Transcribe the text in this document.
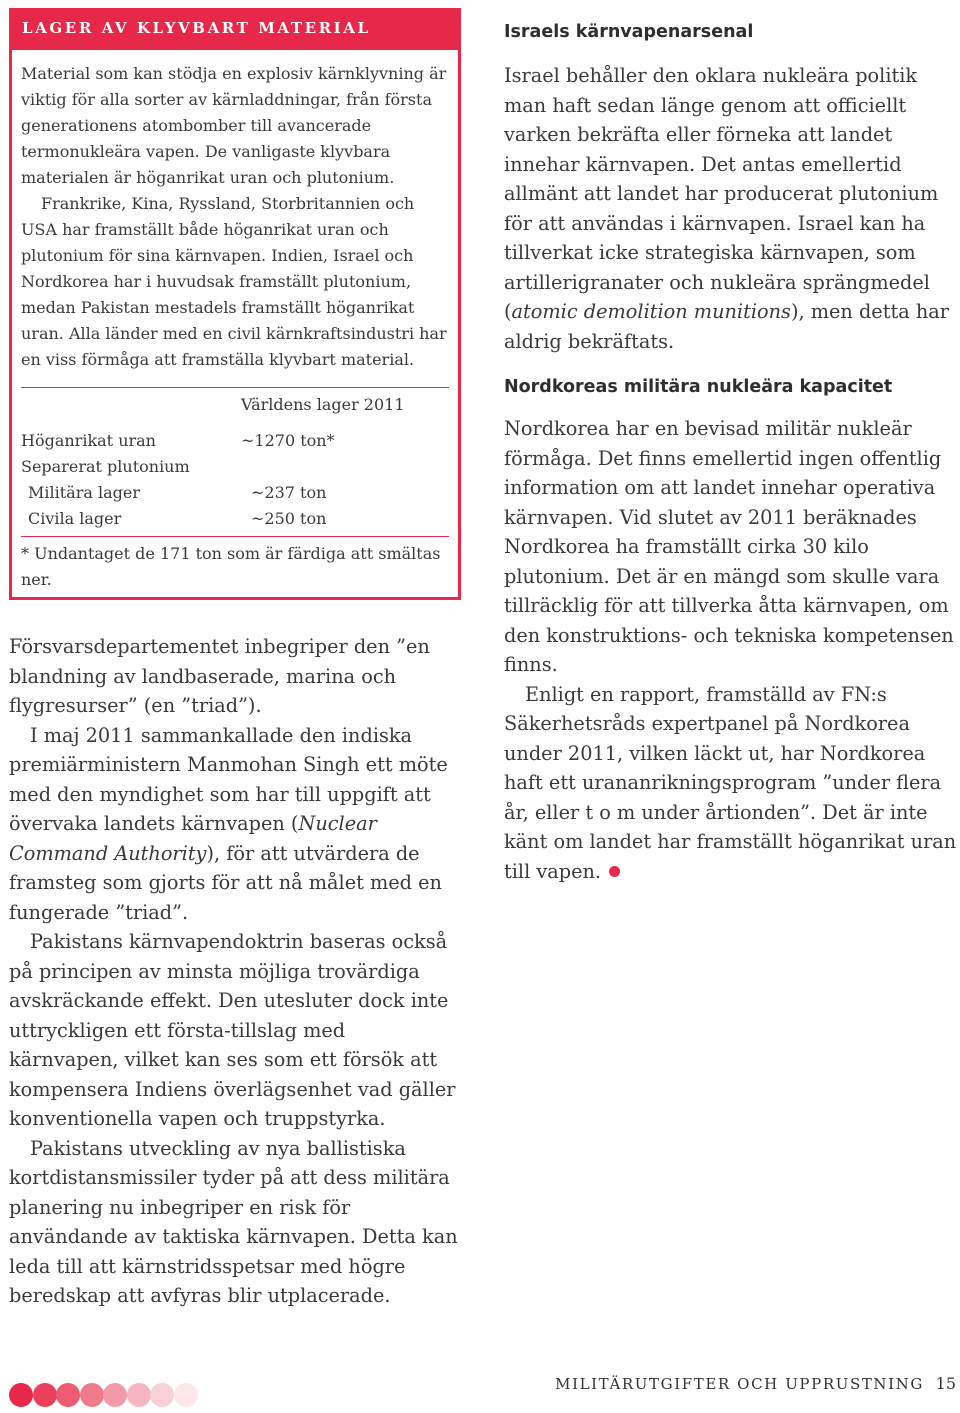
LAGER AV KLYVBART MATERIAL

Material som kan stödja en explosiv kärnklyvning är viktig för alla sorter av kärnladdningar, från första generationens atombomber till avancerade termonukleära vapen. De vanligaste klyvbara materialen är höganrikat uran och plutonium.

Frankrike, Kina, Ryssland, Storbritannien och USA har framställt både höganrikat uran och plutonium för sina kärnvapen. Indien, Israel och Nordkorea har i huvudsak framställt plutonium, medan Pakistan mestadels framställt höganrikat uran. Alla länder med en civil kärnkraftsindustri har en viss förmåga att framställa klyvbart material.

Världens lager 2011
Höganrikat uran	~1270 ton*
Separerat plutonium
Militära lager	~237 ton
Civila lager	~250 ton
* Undantaget de 171 ton som är färdiga att smältas ner.

Försvarsdepartementet inbegriper den ”en blandning av landbaserade, marina och flygresurser” (en ”triad”).

I maj 2011 sammankallade den indiska premiärministern Manmohan Singh ett möte med den myndighet som har till uppgift att övervaka landets kärnvapen (Nuclear Command Authority), för att utvärdera de framsteg som gjorts för att nå målet med en fungerade ”triad”.

Pakistans kärnvapendoktrin baseras också på principen av minsta möjliga trovärdiga avskräckande effekt. Den utesluter dock inte uttryckligen ett första-tillslag med kärnvapen, vilket kan ses som ett försök att kompensera Indiens överlägsenhet vad gäller konventionella vapen och truppstyrka.

Pakistans utveckling av nya ballistiska kortdistansmissiler tyder på att dess militära planering nu inbegriper en risk för användande av taktiska kärnvapen. Detta kan leda till att kärnstridsspetsar med högre beredskap att avfyras blir utplacerade.

Israels kärnvapenarsenal

Israel behåller den oklara nukleära politik man haft sedan länge genom att officiellt varken bekräfta eller förneka att landet innehar kärnvapen. Det antas emellertid allmänt att landet har producerat plutonium för att användas i kärnvapen. Israel kan ha tillverkat icke strategiska kärnvapen, som artillerigranater och nukleära sprängmedel (atomic demolition munitions), men detta har aldrig bekräftats.

Nordkoreas militära nukleära kapacitet

Nordkorea har en bevisad militär nukleär förmåga. Det finns emellertid ingen offentlig information om att landet innehar operativa kärnvapen. Vid slutet av 2011 beräknades Nordkorea ha framställt cirka 30 kilo plutonium. Det är en mängd som skulle vara tillräcklig för att tillverka åtta kärnvapen, om den konstruktions- och tekniska kompetensen finns.

Enligt en rapport, framställd av FN:s Säkerhetsråds expertpanel på Nordkorea under 2011, vilken läckt ut, har Nordkorea haft ett urananrikningsprogram ”under flera år, eller t o m under årtionden”. Det är inte känt om landet har framställt höganrikat uran till vapen.

MILITÄRUTGIFTER OCH UPPRUSTNING 15
